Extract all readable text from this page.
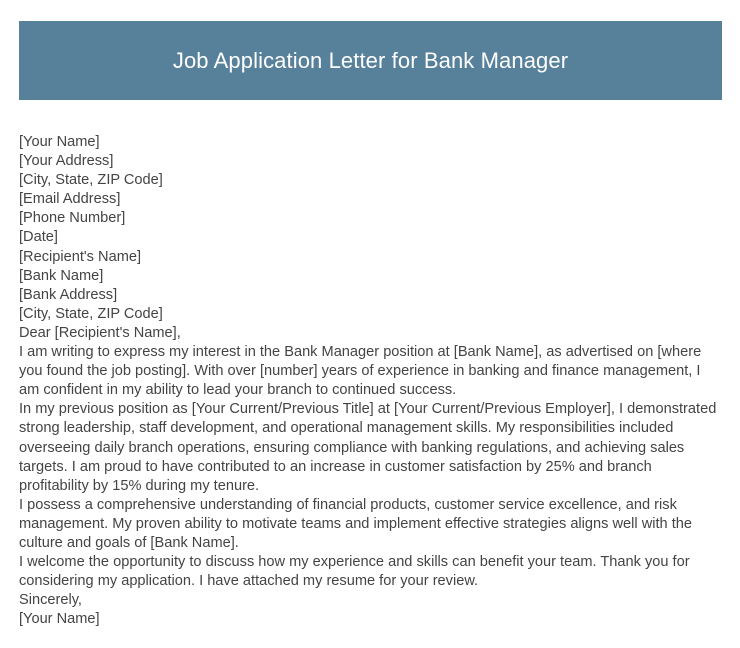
Job Application Letter for Bank Manager

[Your Name]

[Your Address]

[City, State, ZIP Code]

[Email Address]

[Phone Number]

[Date]

[Recipient's Name]

[Bank Name]

[Bank Address]

[City, State, ZIP Code]

Dear [Recipient's Name],

I am writing to express my interest in the Bank Manager position at [Bank Name], as advertised on [where you found the job posting]. With over [number] years of experience in banking and finance management, I am confident in my ability to lead your branch to continued success.

In my previous position as [Your Current/Previous Title] at [Your Current/Previous Employer], I demonstrated strong leadership, staff development, and operational management skills. My responsibilities included overseeing daily branch operations, ensuring compliance with banking regulations, and achieving sales targets. I am proud to have contributed to an increase in customer satisfaction by 25% and branch profitability by 15% during my tenure.

I possess a comprehensive understanding of financial products, customer service excellence, and risk management. My proven ability to motivate teams and implement effective strategies aligns well with the culture and goals of [Bank Name].

I welcome the opportunity to discuss how my experience and skills can benefit your team. Thank you for considering my application. I have attached my resume for your review.

Sincerely,

[Your Name]
